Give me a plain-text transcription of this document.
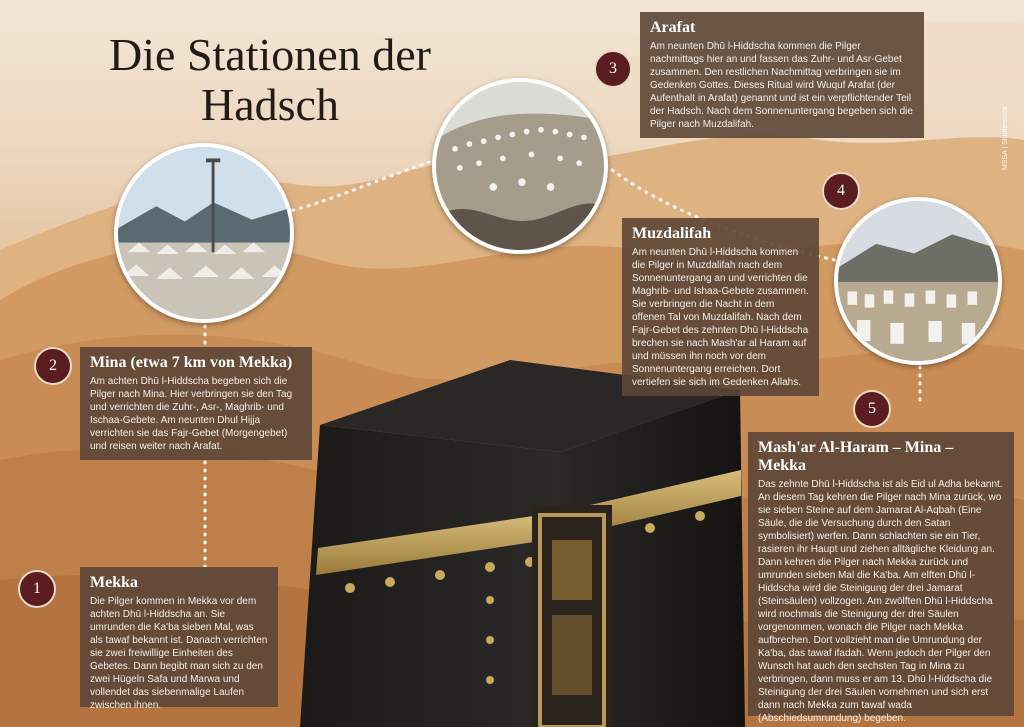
Die Stationen der
Hadsch
1
2
3
4
5
Mekka

Die Pilger kommen in Mekka vor dem achten Dhū l-Hiddscha an. Sie umrunden die Ka'ba sieben Mal, was als tawaf bekannt ist. Danach verrichten sie zwei freiwillige Einheiten des Gebetes. Dann begibt man sich zu den zwei Hügeln Safa und Marwa und vollendet das siebenmalige Laufen zwischen ihnen.

Mina (etwa 7 km von Mekka)

Am achten Dhū l-Hiddscha begeben sich die Pilger nach Mina. Hier verbringen sie den Tag und verrichten die Zuhr-, Asr-, Maghrib- und Ischaa-Gebete. Am neunten Dhul Hijja verrichten sie das Fajr-Gebet (Morgengebet) und reisen weiter nach Arafat.

Arafat

Am neunten Dhū l-Hiddscha kommen die Pilger nachmittags hier an und fassen das Zuhr- und Asr-Gebet zusammen. Den restlichen Nachmittag verbringen sie im Gedenken Gottes. Dieses Ritual wird Wuquf Arafat (der Aufenthalt in Arafat) genannt und ist ein verpflichtender Teil der Hadsch. Nach dem Sonnenuntergang begeben sich die Pilger nach Muzdalifah.

Muzdalifah

Am neunten Dhū l-Hiddscha kommen die Pilger in Muzdalifah nach dem Sonnenuntergang an und verrichten die Maghrib- und Ishaa-Gebete zusammen. Sie verbringen die Nacht in dem offenen Tal von Muzdalifah. Nach dem Fajr-Gebet des zehnten Dhū l-Hiddscha brechen sie nach Mash'ar al Haram auf und müssen ihn noch vor dem Sonnenuntergang erreichen. Dort vertiefen sie sich im Gedenken Allahs.

Mash'ar Al-Haram – Mina – Mekka

Das zehnte Dhū l-Hiddscha ist als Eid ul Adha bekannt. An diesem Tag kehren die Pilger nach Mina zurück, wo sie sieben Steine auf dem Jamarat Al-Aqbah (Eine Säule, die die Versuchung durch den Satan symbolisiert) werfen. Dann schlachten sie ein Tier, rasieren ihr Haupt und ziehen alltägliche Kleidung an. Dann kehren die Pilger nach Mekka zurück und umrunden sieben Mal die Ka'ba. Am elften Dhū l-Hiddscha wird die Steinigung der drei Jamarat (Steinsäulen) vollzogen. Am zwölften Dhū l-Hiddscha wird nochmals die Steinigung der drei Säulen vorgenommen, wonach die Pilger nach Mekka aufbrechen. Dort vollzieht man die Umrundung der Ka'ba, das tawaf ifadah. Wenn jedoch der Pilger den Wunsch hat auch den sechsten Tag in Mina zu verbringen, dann muss er am 13. Dhū l-Hiddscha die Steinigung der drei Säulen vornehmen und sich erst dann nach Mekka zum tawaf wada (Abschiedsumrundung) begeben.

MSSA | Shutterstock
